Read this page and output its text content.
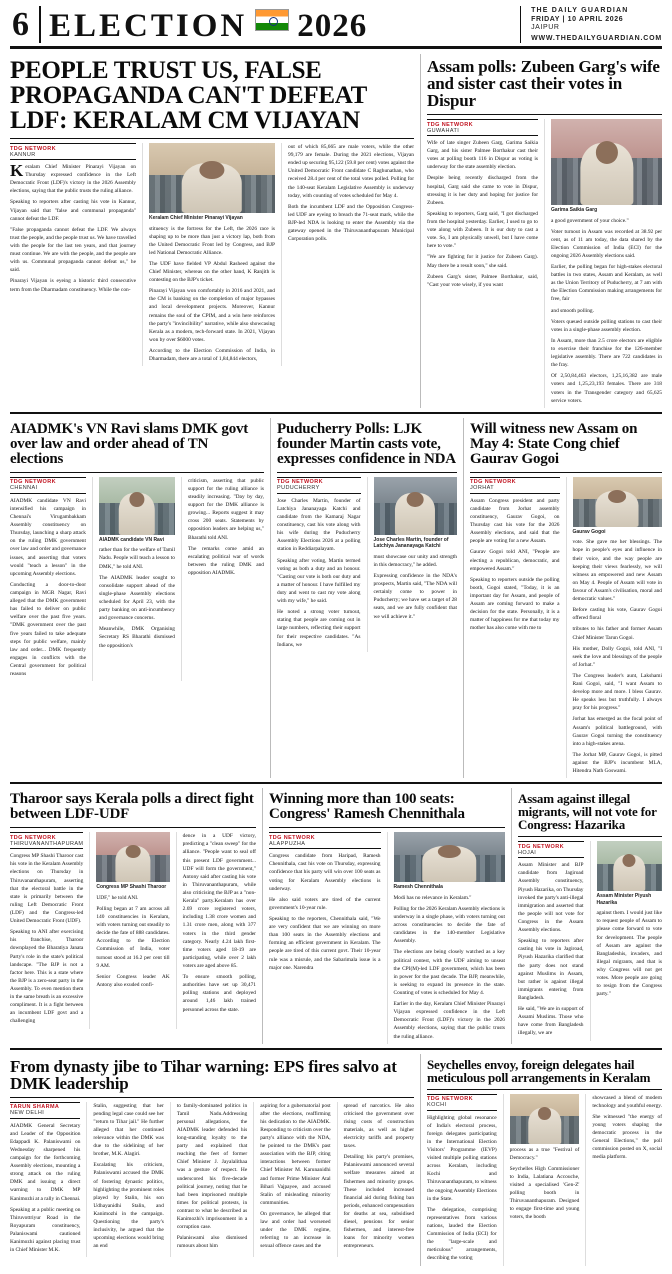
6 ELECTION 2026	THE DAILY GUARDIAN
FRIDAY | 10 APRIL 2026
JAIPUR
WWW.THEDAILYGUARDIAN.COM
PEOPLE TRUST US, FALSE PROPAGANDA CAN'T DEFEAT LDF: KERALAM CM VIJAYAN
TDG NETWORK
KANNUR

Keralam Chief Minister Pinarayi Vijayan on Thursday expressed confidence in the Left Democratic Front (LDF)'s victory in the 2026 Assembly elections, saying that the public trusts the ruling alliance.

Speaking to reporters after casting his vote in Kannur, Vijayan said that "false and communal propaganda" cannot defeat the LDF.

"False propaganda cannot defeat the LDF. We always trust the people, and the people trust us. We have travelled with the people for the last ten years, and that journey must continue. We are with the people, and the people are with us. Communal propaganda cannot defeat us," he said.

Pinarayi Vijayan is eyeing a historic third consecutive term from the Dharmadam constituency. While the con-

Keralam Chief Minister Pinarayi Vijayan

stituency is the fortress for the Left, the 2026 race is shaping up to be more than just a victory lap, both from the United Democratic Front led by Congress, and BJP led National Democratic Alliance.

The UDF have fielded VP Abdul Rasheed against the Chief Minister, whereas on the other hand, K Ranjith is contesting on the BJP's ticket.

Pinarayi Vijayan won comfortably in 2016 and 2021, and the CM is banking on the completion of major bypasses and local development projects. Moreover, Kannur remains the soul of the CPIM, and a win here reinforces the party's "invincibility" narrative, while also showcasing Kerala as a modern, tech-forward state. In 2021, Vijayan won by over $6000 votes.

According to the Election Commission of India, in Dharmadam, there are a total of 1,84,844 electors,

out of which 85,665 are male voters, while the other 99,179 are female. During the 2021 elections, Vijayan ended up securing 95,122 (59.8 per cent) votes against the United Democratic Front candidate C Raghunathan, who received 28.4 per cent of the total votes polled. Polling for the 140-seat Keralam Legislative Assembly is underway today, with counting of votes scheduled for May 4.

Both the incumbent LDF and the Opposition Congress-led UDF are eyeing to breach the 71-seat mark, while the BJP-led NDA is looking to enter the Assembly via the gateway opened in the Thiruvananthapuram Municipal Corporation polls.

Assam polls: Zubeen Garg's wife and sister cast their votes in Dispur
TDG NETWORK
GUWAHATI

Wife of late singer Zubeen Garg, Garima Saikia Garg, and his sister Palmee Borthakur cast their votes at polling booth 116 in Dispur as voting is underway for the state assembly election.

Despite being recently discharged from the hospital, Garg said she came to vote in Dispur, stressing it is her duty and hoping for justice for Zubeen.

Speaking to reporters, Garg said, "I got discharged from the hospital yesterday. Earlier, I used to go to vote along with Zubeen. It is our duty to cast a vote. So, I am physically unwell, but I have come here to vote."

"We are fighting for it justice for Zubeen Garg). May there be a result soon," she said.

Zubeen Garg's sister, Palmee Borthakur, said, "Cast your vote wisely, if you want

Garima Saikia Garg

a good government of your choice."

Voter turnout in Assam was recorded at 38.92 per cent, as of 11 am today, the data shared by the Election Commission of India (ECI) for the ongoing 2026 Assembly elections said.

Earlier, the polling began for high-stakes electoral battles in two states, Assam and Keralam, as well as the Union Territory of Puducherry, at 7 am with the Election Commission making arrangements for free, fair

and smooth polling.

Voters queued outside polling stations to cast their votes in a single-phase assembly election.

In Assam, more than 2.5 crore electors are eligible to exercise their franchise for the 126-member legislative assembly. There are 722 candidates in the fray.

Of 2,50,84,463 electors, 1,25,16,382 are male voters and 1,25,23,193 females. There are 318 voters in the Transgender category and 65,625 service voters.

AIADMK's VN Ravi slams DMK govt over law and order ahead of TN elections
TDG NETWORK
CHENNAI

AIADMK candidate VN Ravi intensified his campaign in Chennai's Virugambakkam Assembly constituency on Thursday, launching a sharp attack on the ruling DMK government over law and order and governance issues, and asserting that voters would "teach a lesson" in the upcoming Assembly elections.

Conducting a door-to-door campaign in MGR Nagar, Ravi alleged that the DMK government has failed to deliver on public welfare over the past five years. "DMK government over the past five years failed to take adequate steps for public welfare, mainly law and order... DMK frequently engages in conflicts with the Central government for political reasons

AIADMK candidate VN Ravi

rather than for the welfare of Tamil Nadu. People will teach a lesson to DMK," he told ANI.

The AIADMK leader sought to consolidate support ahead of the single-phase Assembly elections scheduled for April 23, with the party banking on anti-incumbency and governance concerns.

Meanwhile, DMK Organising Secretary RS Bharathi dismissed the opposition's

criticism, asserting that public support for the ruling alliance is steadily increasing. "Day by day, support for the DMK alliance is growing... Reports suggest it may cross 200 seats. Statements by opposition leaders are helping us," Bharathi told ANI.

The remarks come amid an escalating political war of words between the ruling DMK and opposition AIADMK.

Puducherry Polls: LJK founder Martin casts vote, expresses confidence in NDA
TDG NETWORK
PUDUCHERRY

Jose Charles Martin, founder of Latchiya Jananayaga Katchi and candidate from the Kamaraj Nagar constituency, cast his vote along with his wife during the Puducherry Assembly Elections 2026 at a polling station in Reddiarpalayam.

Speaking after voting, Martin termed voting as both a duty and an honour. "Casting our vote is both our duty and a matter of honour. I have fulfilled my duty and went to cast my vote along with my wife," he said.

He noted a strong voter turnout, stating that people are coming out in large numbers, reflecting their support for their respective candidates. "As Indians, we

Jose Charles Martin, founder of Latchiya Jananayaga Katchi

must showcase our unity and strength in this democracy," he added.

Expressing confidence in the NDA's prospects, Martin said, "The NDA will certainly come to power in Puducherry; we have set a target of 28 seats, and we are fully confident that we will achieve it."

Will witness new Assam on May 4: State Cong chief Gaurav Gogoi
TDG NETWORK
JORHAT

Assam Congress president and party candidate from Jorhat assembly constituency, Gaurav Gogoi, on Thursday cast his vote for the 2026 Assembly elections, and said that the people are voting for a new Assam.

Gaurav Gogoi told ANI, "People are electing a republican, democratic, and empowered Assam."

Speaking to reporters outside the polling booth, Gogoi stated, "Today, it is an important day for Assam, and people of Assam are coming forward to make a decision for the state. Personally, it is a matter of happiness for me that today my mother has also come with me to

Gaurav Gogoi

vote. She gave me her blessings. The hope in people's eyes and influence in their voice, and the way people are keeping their views fearlessly, we will witness an empowered and new Assam on May 4. People of Assam will vote in favour of Assam's civilisation, moral and democratic values."

Before casting his vote, Gaurav Gogoi offered floral

tributes to his father and former Assam Chief Minister Tarun Gogoi.

His mother, Dolly Gogoi, told ANI, "I seek the love and blessings of the people of Jorhat."

The Congress leader's aunt, Lakshami Rani Gogoi, said, "I want Assam to develop more and more. I bless Gaurav. He speaks less but truthfully. I always pray for his progress."

Jorhat has emerged as the focal point of Assam's political battleground, with Gaurav Gogoi turning the constituency into a high-stakes arena.

The Jorhat MP, Gaurav Gogoi, is pitted against the BJP's incumbent MLA, Hitendra Nath Goswami.

Tharoor says Kerala polls a direct fight between LDF-UDF
TDG NETWORK
THIRUVANANTHAPURAM

Congress MP Shashi Tharoor cast his vote in the Keralam Assembly elections on Thursday in Thiruvananthapuram, asserting that the electoral battle in the state is primarily between the ruling Left Democratic Front (LDF) and the Congress-led United Democratic Front (UDF).

Speaking to ANI after exercising his franchise, Tharoor downplayed the Bharatiya Janata Party's role in the state's political landscape. "The BJP is not a factor here. This is a state where the BJP is a zero-seat party in the Assembly. To even mention them in the same breath is an excessive compliment. It is a fight between an incumbent LDF govt and a challenging

Congress MP Shashi Tharoor

UDF," he told ANI.

Polling began at 7 am across all 140 constituencies in Keralam, with voters turning out steadily to decide the fate of 888 candidates. According to the Election Commission of India, voter turnout stood at 16.2 per cent till 9 AM.

Senior Congress leader AK Antony also exuded confi-

dence in a UDF victory, predicting a "clean sweep" for the alliance. "People want to seal off this present LDF government... UDF will form the government," Antony said after casting his vote in Thiruvananthapuram, while also criticising the BJP as a "non-Kerala" party.Keralam has over 2.69 crore registered voters, including 1.38 crore women and 1.31 crore men, along with 377 voters in the third gender category. Nearly 4.24 lakh first-time voters aged 18-19 are participating, while over 2 lakh voters are aged above 85.

To ensure smooth polling, authorities have set up 30,471 polling stations and deployed around 1,46 lakh trained personnel across the state.

Winning more than 100 seats: Congress' Ramesh Chennithala
TDG NETWORK
ALAPPUZHA

Congress candidate from Haripad, Ramesh Chennithala, cast his vote on Thursday, expressing confidence that his party will win over 100 seats as voting for Keralam Assembly elections is underway.

He also said voters are tired of the current government's 10-year rule.

Speaking to the reporters, Chennithala said, "We are very confident that we are winning on more than 100 seats in the Assembly elections and forming an efficient government in Keralam. The people are tired of this current govt. Their 10-year rule was a misrule, and the Sabarimala issue is a major one. Narendra

Ramesh Chennithala

Modi has no relevance in Keralam."

Polling for the 2026 Keralam Assembly elections is underway in a single phase, with voters turning out across constituencies to decide the fate of candidates in the 140-member Legislative Assembly.

The elections are being closely watched as a key political contest, with the UDF aiming to unseat the CPI(M)-led LDF government, which has been in power for the past decade. The BJP, meanwhile, is seeking to expand its presence in the state. Counting of votes is scheduled for May 4.

Earlier in the day, Keralam Chief Minister Pinarayi Vijayan expressed confidence in the Left Democratic Front (LDF)'s victory in the 2026 Assembly elections, saying that the public trusts the ruling alliance.

Assam against illegal migrants, will not vote for Congress: Hazarika
TDG NETWORK
HOJAI

Assam Minister and BJP candidate from Jagiroad Assembly constituency, Piyush Hazarika, on Thursday invoked the party's anti-illegal immigration and asserted that the people will not vote for Congress in the Assam Assembly elections.

Speaking to reporters after casting his vote in Jagiroad, Piyush Hazarika clarified that the party does not stand against Muslims in Assam, but rather is against illegal immigrants entering from Bangladesh.

He said, "We are in support of Assami Muslims. Those who have come from Bangladesh illegally, we are

Assam Minister Piyush Hazarika

against them. I would just like to request people of Assam to please come forward to vote for development. The people of Assam are against the Bangladeshis, invaders, and illegal migrants, and that is why Congress will not get votes. More people are going to resign from the Congress party."

From dynasty jibe to Tihar warning: EPS fires salvo at DMK leadership
TARUN SHARMA
NEW DELHI

AIADMK General Secretary and Leader of the Opposition Edappadi K. Palaniswami on Wednesday sharpened his campaign for the forthcoming Assembly elections, mounting a strong attack on the ruling DMK and issuing a direct warning to DMK MP Kanimozhi at a rally in Chennai.

Speaking at a public meeting on Thiruvottriyur Road in the Royapuram constituency, Palaniswami cautioned Kanimozhi against placing trust in Chief Minister M.K.

Stalin, suggesting that her pending legal case could see her "return to Tihar jail." He further alleged that her continued relevance within the DMK was due to the sidelining of her brother, M.K. Alagiri.

Escalating his criticism, Palaniswami accused the DMK of fostering dynastic politics, highlighting the prominent roles played by Stalin, his son Udhayanidhi Stalin, and Kanimozhi in the campaign. Questioning the party's inclusivity, he argued that the upcoming elections would bring an end

to family-dominated politics in Tamil Nadu.Addressing personal allegations, the AIADMK leader defended his long-standing loyalty to the party and explained that reaching the feet of former Chief Minister J. Jayalalithaa was a gesture of respect. He underscored his five-decade political journey, noting that he had been imprisoned multiple times for political protests, in contrast to what he described as Kanimozhi's imprisonment in a corruption case.

Palaniswami also dismissed rumours about him

aspiring for a gubernatorial post after the elections, reaffirming his dedication to the AIADMK. Responding to criticism over the party's alliance with the NDA, he pointed to the DMK's past association with the BJP, citing interactions between former Chief Minister M. Karunanidhi and former Prime Minister Atal Bihari Vajpayee, and accused Stalin of misleading minority communities.

On governance, he alleged that law and order had worsened under the DMK regime, referring to an increase in sexual offence cases and the

spread of narcotics. He also criticised the government over rising costs of construction materials, as well as higher electricity tariffs and property taxes.

Detailing his party's promises, Palaniswami announced several welfare measures aimed at fishermen and minority groups. These included increased financial aid during fishing ban periods, enhanced compensation for deaths at sea, subsidised diesel, pensions for senior fishermen, and interest-free loans for minority women entrepreneurs.

Seychelles envoy, foreign delegates hail meticulous poll arrangements in Keralam
TDG NETWORK
KOCHI

Highlighting global resonance of India's electoral process, foreign delegates participating in the International Election Visitors' Programme (IEVP) visited multiple polling stations across Keralam, including Kochi and Thiruvananthapuram, to witness the ongoing Assembly Elections in the State.

The delegation, comprising representatives from various nations, lauded the Election Commission of India (ECI) for the "large-scale and meticulous" arrangements, describing the voting

process as a true "Festival of Democracy."

Seychelles High Commissioner to India, Lalatiana Accouche, visited a specialised 'Gen-Z' polling booth in Thiruvananthapuram. Designed to engage first-time and young voters, the booth

showcased a blend of modern technology and youthful energy.

She witnessed "the energy of young voters shaping the democratic process in the General Elections," the poll commission posted on X, social media platform.
